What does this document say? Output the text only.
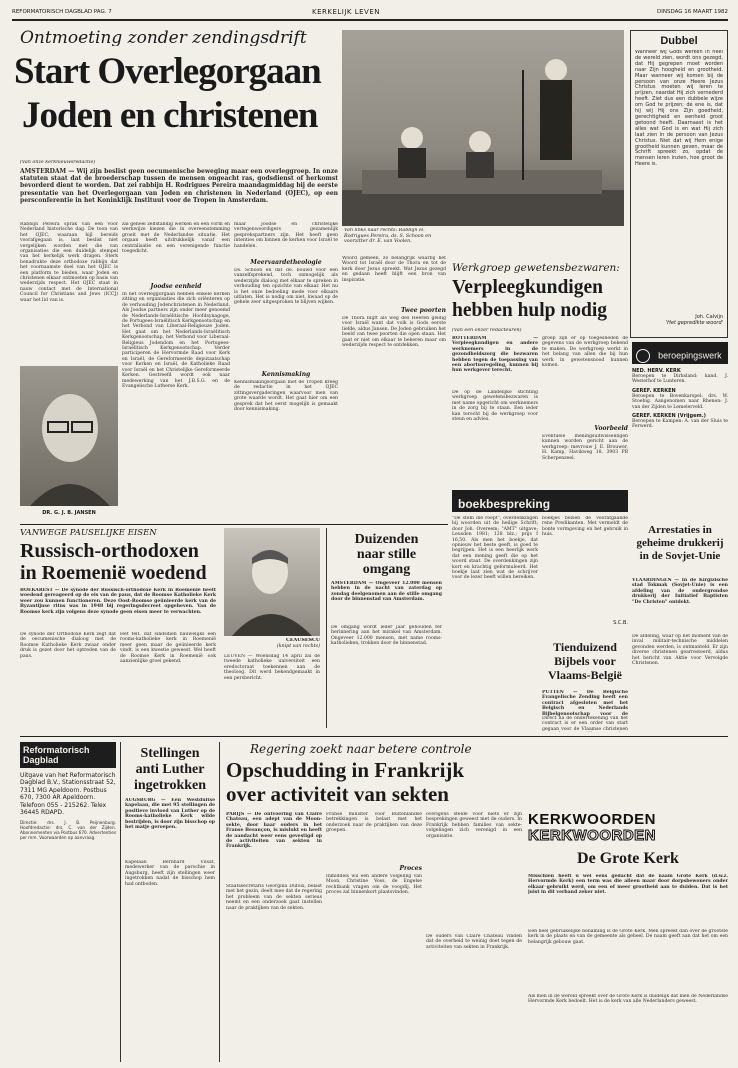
REFORMATORISCH DAGBLAD PAG. 7	KERKELIJK LEVEN	DINSDAG 16 MAART 1982
Ontmoeting zonder zendingsdrift
Start Overlegorgaan
Joden en christenen
(Van onze kerknieuwsredactie)
AMSTERDAM — Wij zijn beslist geen oecumenische beweging maar een overleggroep. In onze statuten staat dat de broederschap tussen de mensen ongeacht ras, godsdienst of herkomst bevorderd dient te worden. Dat zei rabbijn H. Rodrigues Pereira maandagmiddag bij de eerste presentatie van het Overlegorgaan van Joden en christenen in Nederland (OJEC), op een persconferentie in het Koninklijk Instituut voor de Tropen in Amsterdam.
Rabbijn Pereira sprak van een voor Nederland historische dag. De toon van het OJEC, waaraan bijl bereids voorafgegaan is, laat beslist niet vergelijken worden met die van organisaties die een duidelijk stempel van het kerkelijk werk dragen. Sterk benadrukte deze orthodoxe rabbijn dat het voornaamste doel van het OJEC is een platform te bieden, waar Joden en christenen elkaar ontmoeten op basis van wederzijds respect. Het OJEC staat in nauw contact met de International Council for Christians and Jews (ICCJ) waar het lid van is.
DR. G. J. B. JANSEN
zal geheel zelfstandig werken en een vorm en werkwijze kiezen die in overeenstemming groeit met de Nederlandse situatie. Het orgaan heeft uitdrukkelijk vanaf een centralisatie en een verenigende functie toegedicht.
Joodse eenheid
In het overleggorgaan hebben enkele kerken zitting en organisaties die zich oriënteren op de verhouding Jodenchristenen in Nederland. Als Joodse partners zijn onder meer genoemd de Nederlands-Israëlitische Hoofdsynagoge, de Portugees-Israëlitisch Kerkgenootschap en het Verbond van Liberaal-Religieuze Joden. Het gaat om het Nederlands-Israëlitisch Kerkgenootschap, het Verbond voor Liberaal-Religieus Jodendom en het Portugees-Israëlitisch Kerkgenootschap. Verder participeren de Hervormde Raad voor Kerk en Israël, de Gereformeerde deputaatschap voor Kerken en Israël, de Katholieke Raad voor Israël en het Christelijke Gereformeerde Kerken. Gestreefd wordt ook naar medewerking van het J.B.S.G. en de Evangelische Lutherse Kerk.
maar Joodse en christelijke vertegenwoordigers gezamenlijk gesprekspartners zijn. Het heeft geen intenties om binnen de kerken voor Israël te handelen.
Meervaardetheologie
Ds. Schoon en dat de. bouwd voor een vanzelfsprekend, toch onmogelijk als wederzijds dialoog met elkaar te spreken in verhouding ten opzichte van elkaar. Het nu is het onze bedoeling mede voor elkaars uitlaten. Het is nodig om niet, kwaad op de gehele zeer uitgesproken te blijven wijken.
Kennismaking
Kennismakingsorgaan met de Tropen kreeg de redactie in het OJEC zittingsvergaderingen waarvoor men van grote waarde wordt. Het gaat hier om een gesprek dat het eerst mogelijk is gemaakt door kennismaking.
Van links naar rechts: Rabbijn H. Rodrigues Pereira, ds. S. Schoon en voorzitter dr. E. van Voolen.
Woord gemeen, zo belangrijk waarbij het Woord tot Israël door de Thora en tot de kerk door Jezus spreekt. Wat Jezus gezegd en gedaan heeft blijft een bron van inspiratie.
Twee poorten
De Thora blijft als weg des Heeren geldig voor Israël want dat volk is Gods eerste liefde, aldus Jansen. De Joden gebruiken het beeld van twee poorten die open staan. Het gaat er niet om elkaar te bekeren maar om wederzijds respect te ontdekken.
Dubbel
Wanneer wij Gods werken in heel de wereld zien, wordt ons gezegd, dat Hij gegrepen moet worden naar Zijn hoogheid en grootheid. Maar wanneer wij komen bij de persoon van onze Heere Jezus Christus moeten wij leren te prijzen, naardat Hij zich vernederd heeft. Ziet dus een dubbele wijze om God te prijzen; de ene is, dat hij wij Hij ons Zijn goedheid, gerechtigheid en eenheid groot getoond heeft. Daarnaast is het alles wat God is en wat Hij zich laat zien in de persoon van Jezus Christus. Niet dat wij Hem enige grootheid kunnen geven, maar de Schrift spreekt zo, opdat de mensen leren inzien, hoe groot de Heere is.
Joh. Calvijn
'Het gepredikte woord'
Werkgroep gewetensbezwaren:
Verpleegkundigen
hebben hulp nodig
(Van een onzer redacteuren)
ROTTERDAM — Verpleegkundigen en andere werknemers in de gezondheidszorg die bezwaren hebben tegen de toepassing van een abortusregeling, kunnen bij hun werkgever terecht.
De op de Landelijke stichting werkgroep gewetensbezwaren is met name opgericht om werknemers in de zorg bij te staan. Een ieder kan terecht bij de werkgroep voor steun en advies.
groep zijn er op toegesneden de gegevens van de werkgroep bekend te maken. De werkgroep werkt in het belang van allen die bij hun werk in gewetensnood kunnen komen.
Voorbeeld
Eventuele meningsuitwisselingen kunnen worden gericht aan de werkgroep: mevrouw J. E. Brouwer, H. Kamp, Havikweg 18, 3903 PB Scherpenzeel.
beroepingswerk
NED. HERV. KERK
Beroepen te Dirksland: kand. J. Westerhof te Lunteren.
GEREF. KERKEN
Beroepen te Bovenkarspel: drs. W. Stoebig. Aangenomen naar Rhenen: J. van der Zijden te Lemelerveld.
GEREF. KERKEN (Vrijgem.)
Beroepen te Kampen: A. van der Sluis te Ferwerd.
boekbespreking
"De stem die roept", overdenkingen bij woorden uit de heilige Schrift; door Joh. Overeem; "AMT" uitgave; Leusden 1981; 128 blz.; prijs f 16,50. Als men het boekje, dat opnieuw het beste geeft, is goed te begrijpen. Het is een heerlijk werk dat een mening geeft die op het woord staat. De overdenkingen zijn kort en krachtig geformuleerd. Het boekje laat zien wat de schrijver voor de lezer heeft willen bereiken.
boekjes bezien de voorafgaande rene Predikanten. Met vermeldt de bonte vormgeving en het gebruik in huis.
S.C.B.
Arrestaties in
geheime drukkerij
in de Sovjet-Unie
VLAARDINGEN — In de Kirgizische stad Tokmak (Sovjet-Unie) is een afdeling van de ondergrondse drukkerij der Initiatief Baptisten "De Christen" ontdekt.
De afdeling, waar op het moment van de inval militair-technische middelen gevonden werden, is ontmanteld. Er zijn diverse christenen gearresteerd, aldus het bericht van Aktie voor Vervolgde Christenen.
VANWEGE PAUSELIJKE EISEN
Russisch-orthodoxen
in Roemenië woedend
BOEKAREST — De synode der Russisch-orthodoxe Kerk in Roemenië heeft woedend gereageerd op de eis van de paus, dat de Roomse Katholieke Kerk weer zou kunnen functioneren. Deze Oost-Roomse geünieerde kerk van de Byzantijnse ritus was in 1948 bij regeringsdecreet opgeheven. Van de Roomse kerk zijn volgens deze synode geen eisen meer te verwachten.
De synode der Orthodoxe Kerk zegt dat de oecumenische dialoog met de Roomse Katholieke Kerk zwaar onder druk is gezet door het optreden van de paus.
Het feit, dat sindsdien nauwelijks een rooms-katholieke kerk in Roemenië meer geen maar de geünieerde kerk vindt, is een kwestie geweest. Wel heeft de Roomse Kerk in Roemenië ook aanzienlijke groei gekend.
CEAUSESCU
(knipt van rechts)
LEUVEN — Woensdag 14 april zal de tweede katholieke universiteit een eredoctoraat toekennen aan de theoloog. Dit werd bekendgemaakt in een persbericht.
Duizenden
naar stille
omgang
AMSTERDAM — Ongeveer 12.000 mensen hebben in de nacht van zaterdag op zondag deelgenomen aan de stille omgang door de binnenstad van Amsterdam.
De omgang wordt ieder jaar gehouden ter herinnering aan het mirakel van Amsterdam. Ongeveer 12.000 mensen, met name rooms-katholieken, trokken door de binnenstad.	Tienduizend
Bijbels voor
Vlaams-België
PUTTEN — De Belgische Evangelische Zending heeft een contract afgesloten met het Belgisch en Nederlands Bijbelgenootschap voor de
Direct na de ondertekening van het contract is er een order van start gegaan voor de Vlaamse christenen
Regering zoekt naar betere controle
Opschudding in Frankrijk
over activiteit van sekten
PARIJS — De ontvoering van Claire Chateau, een adept van de Moon-sekte, door haar ouders in het Franse Besançon, is mislukt en heeft de aandacht weer eens gevestigd op de activiteiten van sekten in Frankrijk.
Staatssecretaris Georgina Dufoix, belast met het gezin, deelt mee dat de regering het probleem van de sekten serieus neemt en een onderzoek gaat instellen naar de praktijken van de sekten.
Franse minister voor Buitenlandse betrekkingen is belast met het onderzoek naar de praktijken van deze groepen.
Proces
Inmiddels wil een andere volgeling van Moon, Christine Voss, de Engelse rechtbank vragen om de voogdij. Het proces zal binnenkort plaatsvinden.
overigens stelde voor niets er zijn besprekingen geweest met de ouders. In Frankrijk hebben families van sekte-volgelingen zich verenigd in een organisatie.
De ouders van Claire Chateau vinden dat de overheid te weinig doet tegen de activiteiten van sekten in Frankrijk.
Stellingen
anti Luther
ingetrokken
AUGSBURG — Een Westduitse kapelaan, die met 95 stellingen de positieve invloed van Luther op de Rooms-katholieke Kerk wilde bestrijden, is door zijn bisschop op het matje geroepen.
Kapelaan Bernhard Vilsat, medewerker van de parochie in Augsburg, heeft zijn stellingen weer ingetrokken nadat de bisschop hem had ontboden.
Reformatorisch
Dagblad
Uitgave van het Reformatorisch Dagblad B.V., Stationsstraat 52, 7311 MG Apeldoorn. Postbus 670, 7300 AR Apeldoorn. Telefoon 055 - 215262. Telex 36445 RDAPD.
Directie: drs. J. B. Peijnenburg. Hoofdredactie: drs. C. van der Zijden. Abonnementen via Postbus 670. Advertenties per mm. Voorwaarden op aanvraag.
KERKWOORDEN
KERKWOORDEN
De Grote Kerk
Misschien heeft u wel eens gedacht dat de naam Grote Kerk (d.w.z. Hervormde Kerk) een term was die alleen maar door dorpsbewoners onder elkaar gebruikt werd, om een of meer grootheid aan te duiden. Dat is het juist in dit verband zeker niet.
Een heel gebruikelijke benaming is de Grote Kerk. Men spreekt dan over de grootste kerk in de plaats en van de gemeente als geheel. De naam geeft aan dat het om een belangrijk gebouw gaat.
Als men in de wereld spreekt over de Grote Kerk is duidelijk dat men de Nederlandse Hervormde Kerk bedoelt. Het is de kerk van alle Nederlanders geweest.
